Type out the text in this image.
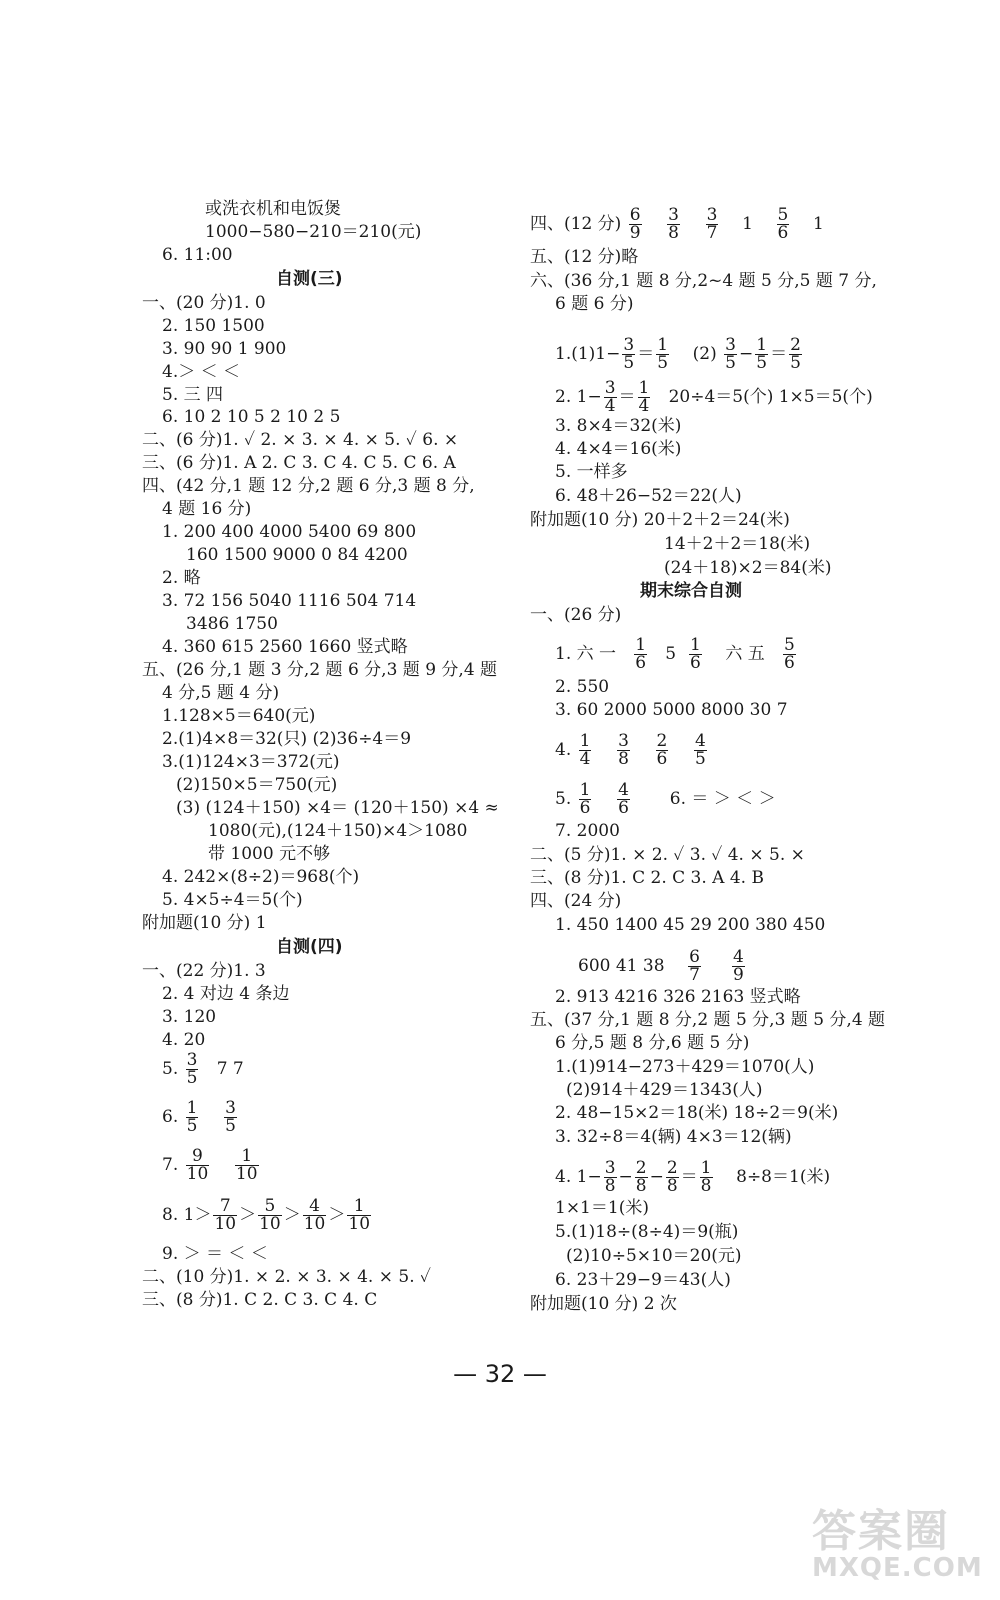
或洗衣机和电饭煲
1000−580−210＝210(元)
6. 11:00
自测(三)
一、(20 分)1. 0
2. 150 1500
3. 90 90 1 900
4.＞ ＜ ＜
5. 三 四
6. 10 2 10 5 2 10 2 5
二、(6 分)1. ✓ 2. × 3. × 4. × 5. ✓ 6. ×
三、(6 分)1. A 2. C 3. C 4. C 5. C 6. A
四、(42 分,1 题 12 分,2 题 6 分,3 题 8 分,
4 题 16 分)
1. 200 400 4000 5400 69 800
160 1500 9000 0 84 4200
2. 略
3. 72 156 5040 1116 504 714
3486 1750
4. 360 615 2560 1660 竖式略
五、(26 分,1 题 3 分,2 题 6 分,3 题 9 分,4 题
4 分,5 题 4 分)
1.128×5＝640(元)
2.(1)4×8＝32(只) (2)36÷4＝9
3.(1)124×3＝372(元)
(2)150×5＝750(元)
(3) (124＋150) ×4＝ (120＋150) ×4 ≈
1080(元),(124＋150)×4＞1080
带 1000 元不够
4. 242×(8÷2)＝968(个)
5. 4×5÷4＝5(个)
附加题(10 分) 1
自测(四)
一、(22 分)1. 3
2. 4 对边 4 条边
3. 120
4. 20
5. $\frac{3}{5} 7$ 7
6. $\frac{1}{5}$
$\frac{3}{5}$
7. $\frac{9}{10}$
$\frac{1}{10}$
8. $1> \frac{7}{10} > \frac{5}{10} > \frac{4}{10} > \frac{1}{10}$
9. ＞ ＝ ＜ ＜
二、(10 分)1. × 2. × 3. × 4. × 5. ✓
三、(8 分)1. C 2. C 3. C 4. C
四、(12 分) $\frac{6}{9}$
$\frac{3}{8}$
$\frac{3}{7} 1 \frac{5}{6} 1$
五、(12 分)略
六、(36 分,1 题 8 分,2~4 题 5 分,5 题 7 分,
6 题 6 分)
$1.(1)1- \frac{3}{5} = \frac{1}{5} (2) \frac{3}{5} - \frac{1}{5} = \frac{2}{5}$
2. $1- \frac{3}{4} = \frac{1}{4} 20\div 4=5$(个) 1×5＝5(个)
3. 8×4＝32(米)
4. 4×4＝16(米)
5. 一样多
6. 48＋26−52＝22(人)
附加题(10 分) 20＋2＋2＝24(米)
14＋2＋2＝18(米)
(24＋18)×2＝84(米)
期末综合自测
一、(26 分)
1. 六 一 $\frac{1}{6} 5 \frac{1}{6}$ 六 五 $\frac{5}{6}$
2. 550
3. 60 2000 5000 8000 30 7
4. $\frac{1}{4}$
$\frac{3}{8}$
$\frac{2}{6}$
$\frac{4}{5}$
5. $\frac{1}{6}$
$\frac{4}{6} 6$. ＝ ＞ ＜ ＞
7. 2000
二、(5 分)1. × 2. ✓ 3. ✓ 4. × 5. ×
三、(8 分)1. C 2. C 3. A 4. B
四、(24 分)
1. 450 1400 45 29 200 380 450
600 41 $38 \frac{6}{7}$
$\frac{4}{9}$
2. 913 4216 326 2163 竖式略
五、(37 分,1 题 8 分,2 题 5 分,3 题 5 分,4 题
6 分,5 题 8 分,6 题 5 分)
1.(1)914−273＋429＝1070(人)
(2)914＋429＝1343(人)
2. 48−15×2＝18(米) 18÷2＝9(米)
3. 32÷8＝4(辆) 4×3＝12(辆)
4. $1- \frac{3}{8} - \frac{2}{8} - \frac{2}{8} = \frac{1}{8} 8\div 8=1$(米)
1×1＝1(米)
5.(1)18÷(8÷4)＝9(瓶)
(2)10÷5×10＝20(元)
6. 23＋29−9＝43(人)
附加题(10 分) 2 次
— 32 —
答案圈
MXQE.COM
